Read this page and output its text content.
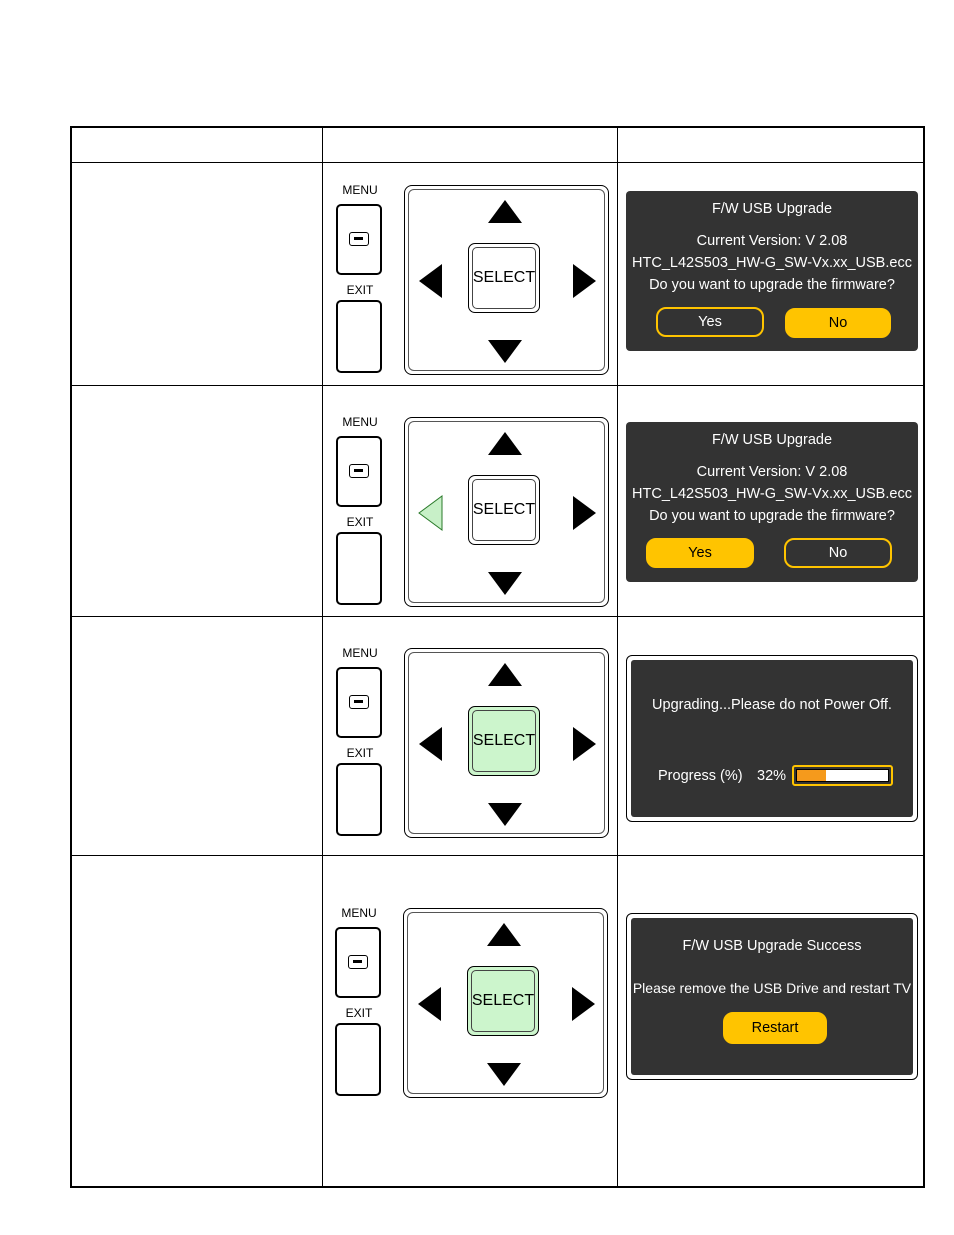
MENU
EXIT
SELECT
F/W USB Upgrade
Current Version: V 2.08
HTC_L42S503_HW-G_SW-Vx.xx_USB.ecc
Do you want to upgrade the firmware?
Yes	No
MENU
EXIT
SELECT
F/W USB Upgrade
Current Version: V 2.08
HTC_L42S503_HW-G_SW-Vx.xx_USB.ecc
Do you want to upgrade the firmware?
Yes	No
MENU
EXIT
SELECT
Upgrading...Please do not Power Off.
Progress (%) 32%
MENU
EXIT
SELECT
F/W USB Upgrade Success
Please remove the USB Drive and restart TV
Restart
